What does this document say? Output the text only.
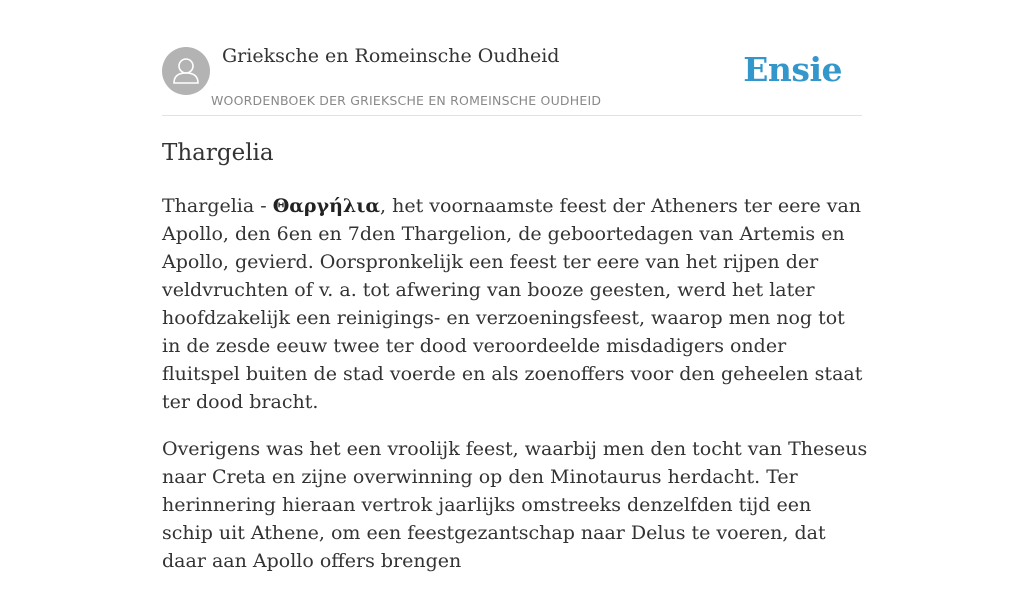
Grieksche en Romeinsche Oudheid
WOORDENBOEK DER GRIEKSCHE EN ROMEINSCHE OUDHEID
Ensie
Thargelia

Thargelia - Θαργήλια, het voornaamste feest der Atheners ter eere van Apollo, den 6en en 7den Thargelion, de geboortedagen van Artemis en Apollo, gevierd. Oorspronkelijk een feest ter eere van het rijpen der veldvruchten of v. a. tot afwering van booze geesten, werd het later hoofdzakelijk een reinigings- en verzoeningsfeest, waarop men nog tot in de zesde eeuw twee ter dood veroordeelde misdadigers onder fluitspel buiten de stad voerde en als zoenoffers voor den geheelen staat ter dood bracht.

Overigens was het een vroolijk feest, waarbij men den tocht van Theseus naar Creta en zijne overwinning op den Minotaurus herdacht. Ter herinnering hieraan vertrok jaarlijks omstreeks denzelfden tijd een schip uit Athene, om een feestgezantschap naar Delus te voeren, dat daar aan Apollo offers brengen
